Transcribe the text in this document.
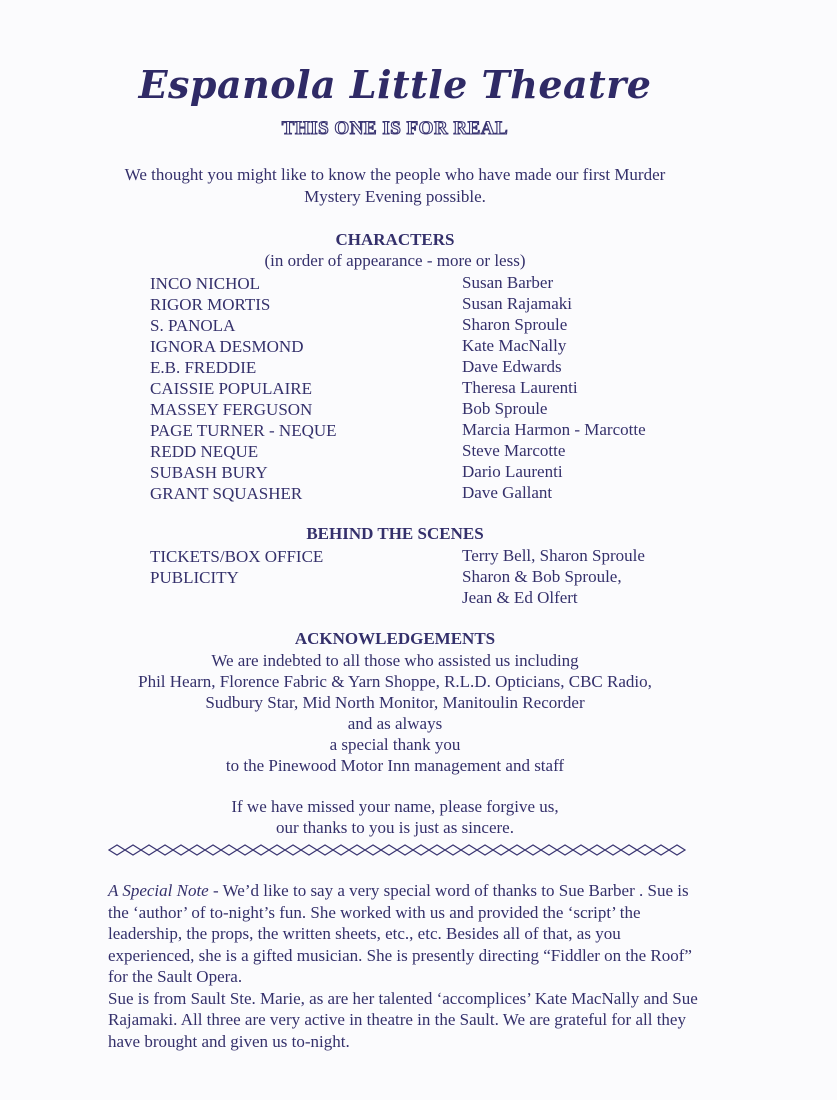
Espanola Little Theatre
THIS ONE IS FOR REAL
We thought you might like to know the people who have made our first Murder Mystery Evening possible.
CHARACTERS
(in order of appearance - more or less)
INCO NICHOL	Susan Barber
RIGOR MORTIS	Susan Rajamaki
S. PANOLA	Sharon Sproule
IGNORA DESMOND	Kate MacNally
E.B. FREDDIE	Dave Edwards
CAISSIE POPULAIRE	Theresa Laurenti
MASSEY FERGUSON	Bob Sproule
PAGE TURNER - NEQUE	Marcia Harmon - Marcotte
REDD NEQUE	Steve Marcotte
SUBASH BURY	Dario Laurenti
GRANT SQUASHER	Dave Gallant
BEHIND THE SCENES
TICKETS/BOX OFFICE	Terry Bell, Sharon Sproule
PUBLICITY	Sharon & Bob Sproule,
Jean & Ed Olfert
ACKNOWLEDGEMENTS
We are indebted to all those who assisted us including
Phil Hearn, Florence Fabric & Yarn Shoppe, R.L.D. Opticians, CBC Radio,
Sudbury Star, Mid North Monitor, Manitoulin Recorder
and as always
a special thank you
to the Pinewood Motor Inn management and staff
If we have missed your name, please forgive us,
our thanks to you is just as sincere.
A Special Note - We’d like to say a very special word of thanks to Sue Barber . Sue is the ‘author’ of to-night’s fun. She worked with us and provided the ‘script’ the leadership, the props, the written sheets, etc., etc. Besides all of that, as you experienced, she is a gifted musician. She is presently directing “Fiddler on the Roof” for the Sault Opera.
Sue is from Sault Ste. Marie, as are her talented ‘accomplices’ Kate MacNally and Sue Rajamaki. All three are very active in theatre in the Sault. We are grateful for all they have brought and given us to-night.
